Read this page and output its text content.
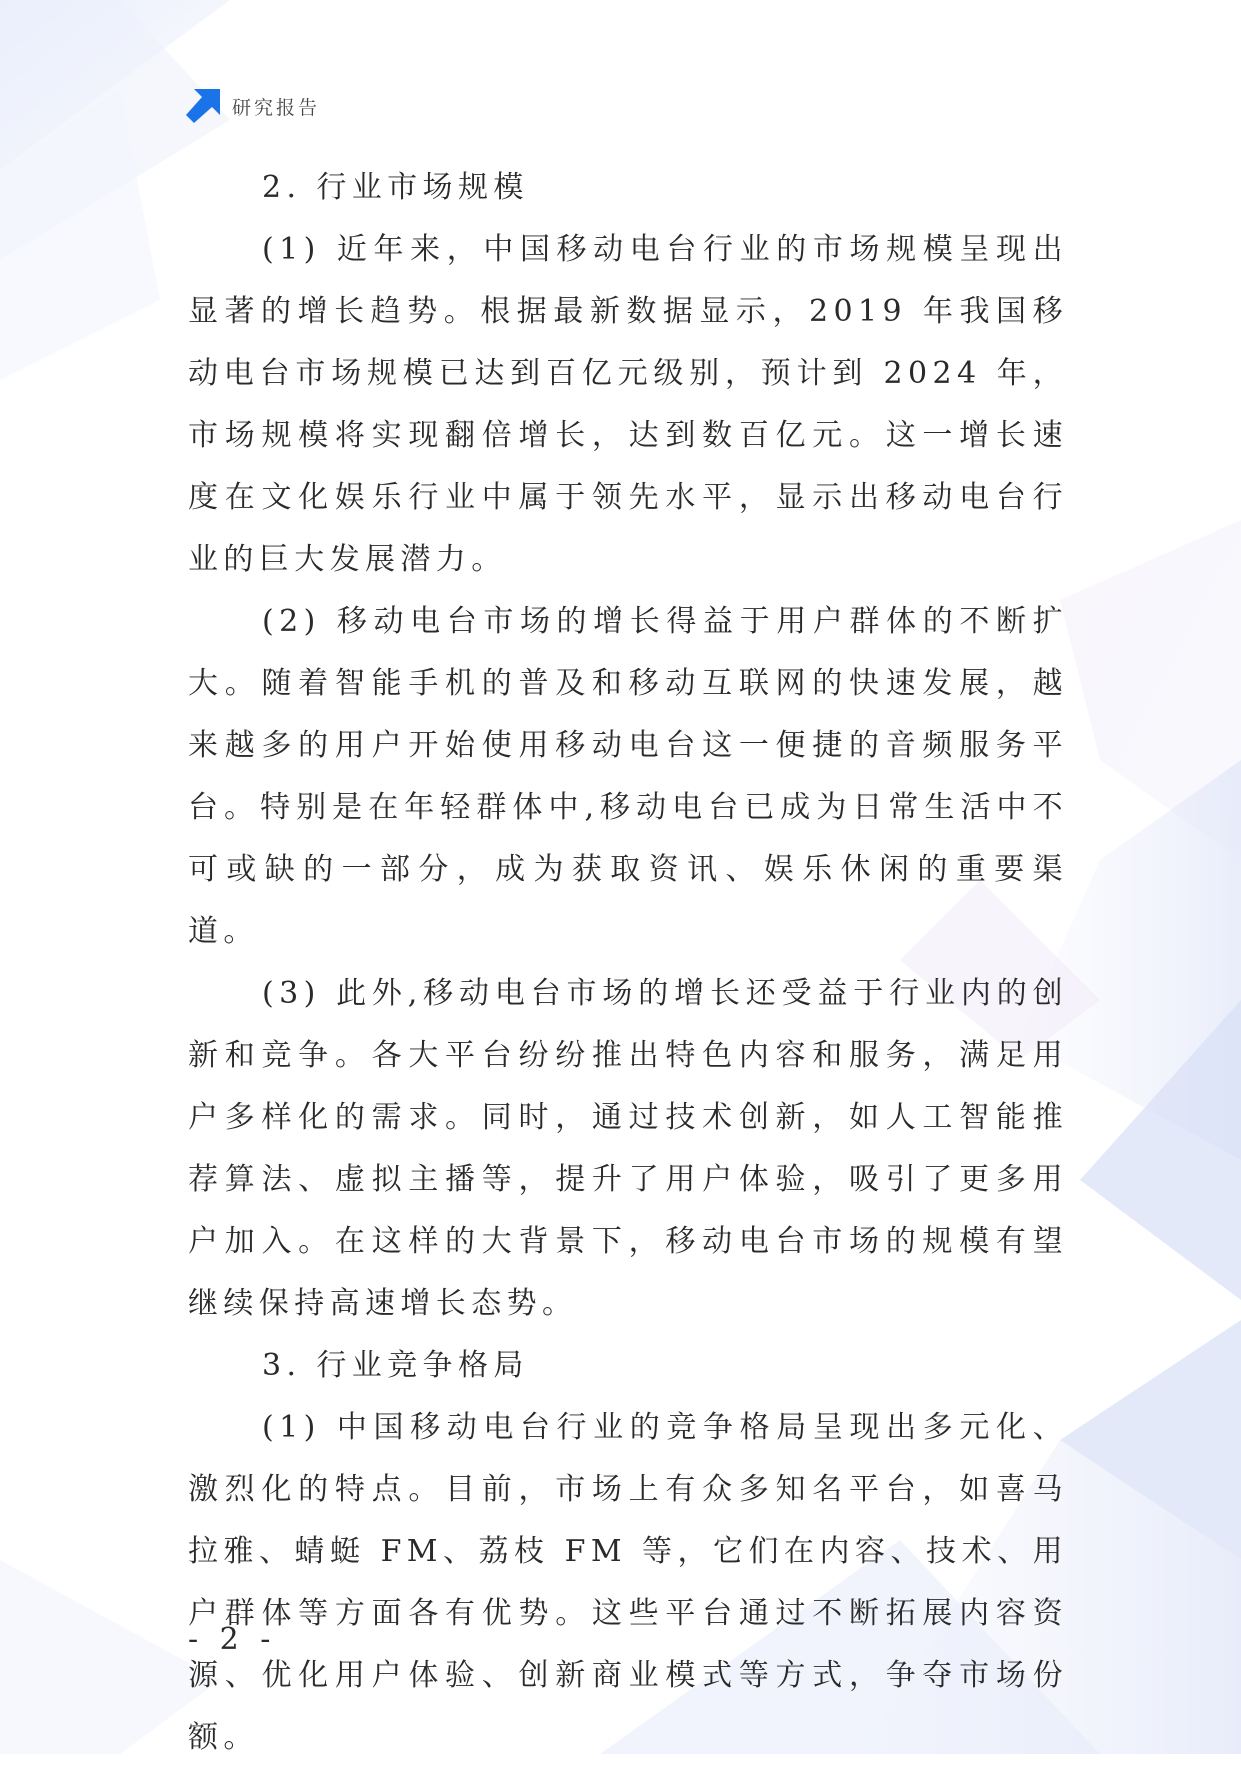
研究报告

2. 行业市场规模

(1) 近年来，中国移动电台行业的市场规模呈现出显著的增长趋势。根据最新数据显示，2019 年我国移动电台市场规模已达到百亿元级别，预计到 2024 年，市场规模将实现翻倍增长，达到数百亿元。这一增长速度在文化娱乐行业中属于领先水平，显示出移动电台行业的巨大发展潜力。

(2) 移动电台市场的增长得益于用户群体的不断扩大。随着智能手机的普及和移动互联网的快速发展，越来越多的用户开始使用移动电台这一便捷的音频服务平台。特别是在年轻群体中,移动电台已成为日常生活中不可或缺的一部分，成为获取资讯、娱乐休闲的重要渠道。

(3) 此外,移动电台市场的增长还受益于行业内的创新和竞争。各大平台纷纷推出特色内容和服务，满足用户多样化的需求。同时，通过技术创新，如人工智能推荐算法、虚拟主播等，提升了用户体验，吸引了更多用户加入。在这样的大背景下，移动电台市场的规模有望继续保持高速增长态势。

3. 行业竞争格局

(1) 中国移动电台行业的竞争格局呈现出多元化、激烈化的特点。目前，市场上有众多知名平台，如喜马拉雅、蜻蜓 FM、荔枝 FM 等，它们在内容、技术、用户群体等方面各有优势。这些平台通过不断拓展内容资源、优化用户体验、创新商业模式等方式，争夺市场份额。

- 2 -
